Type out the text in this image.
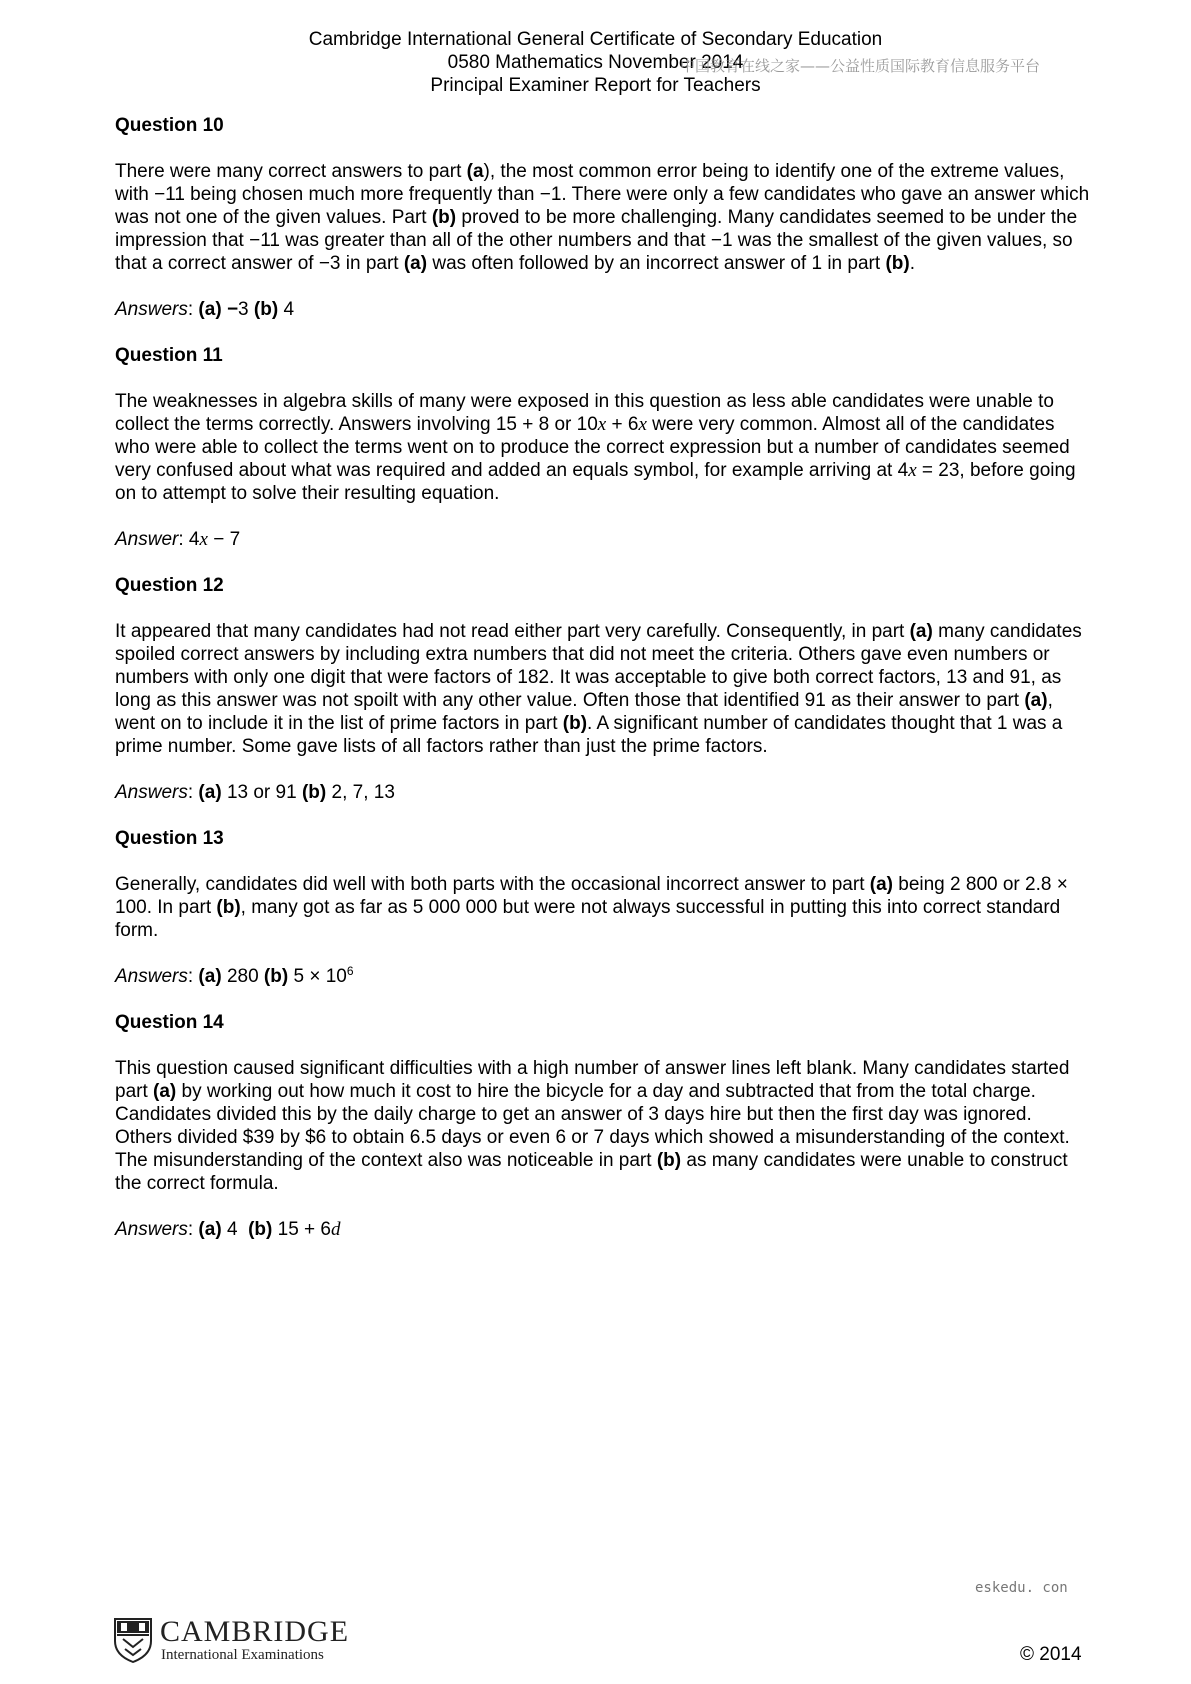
Cambridge International General Certificate of Secondary Education
0580 Mathematics November 2014
Principal Examiner Report for Teachers
中国教育在线之家——公益性质国际教育信息服务平台
Question 10
There were many correct answers to part (a), the most common error being to identify one of the extreme values, with −11 being chosen much more frequently than −1. There were only a few candidates who gave an answer which was not one of the given values. Part (b) proved to be more challenging. Many candidates seemed to be under the impression that −11 was greater than all of the other numbers and that −1 was the smallest of the given values, so that a correct answer of −3 in part (a) was often followed by an incorrect answer of 1 in part (b).
Answers: (a) −3 (b) 4
Question 11
The weaknesses in algebra skills of many were exposed in this question as less able candidates were unable to collect the terms correctly. Answers involving 15 + 8 or 10x + 6x were very common. Almost all of the candidates who were able to collect the terms went on to produce the correct expression but a number of candidates seemed very confused about what was required and added an equals symbol, for example arriving at 4x = 23, before going on to attempt to solve their resulting equation.
Answer: 4x − 7
Question 12
It appeared that many candidates had not read either part very carefully. Consequently, in part (a) many candidates spoiled correct answers by including extra numbers that did not meet the criteria. Others gave even numbers or numbers with only one digit that were factors of 182. It was acceptable to give both correct factors, 13 and 91, as long as this answer was not spoilt with any other value. Often those that identified 91 as their answer to part (a), went on to include it in the list of prime factors in part (b). A significant number of candidates thought that 1 was a prime number. Some gave lists of all factors rather than just the prime factors.
Answers: (a) 13 or 91 (b) 2, 7, 13
Question 13
Generally, candidates did well with both parts with the occasional incorrect answer to part (a) being 2 800 or 2.8 × 100. In part (b), many got as far as 5 000 000 but were not always successful in putting this into correct standard form.
Answers: (a) 280 (b) $5 \times 10^6$
Question 14
This question caused significant difficulties with a high number of answer lines left blank. Many candidates started part (a) by working out how much it cost to hire the bicycle for a day and subtracted that from the total charge. Candidates divided this by the daily charge to get an answer of 3 days hire but then the first day was ignored. Others divided $39 by $6 to obtain 6.5 days or even 6 or 7 days which showed a misunderstanding of the context. The misunderstanding of the context also was noticeable in part (b) as many candidates were unable to construct the correct formula.
Answers: (a) 4 (b) 15 + 6d
eskedu. con
CAMBRIDGE
International Examinations	© 2014
